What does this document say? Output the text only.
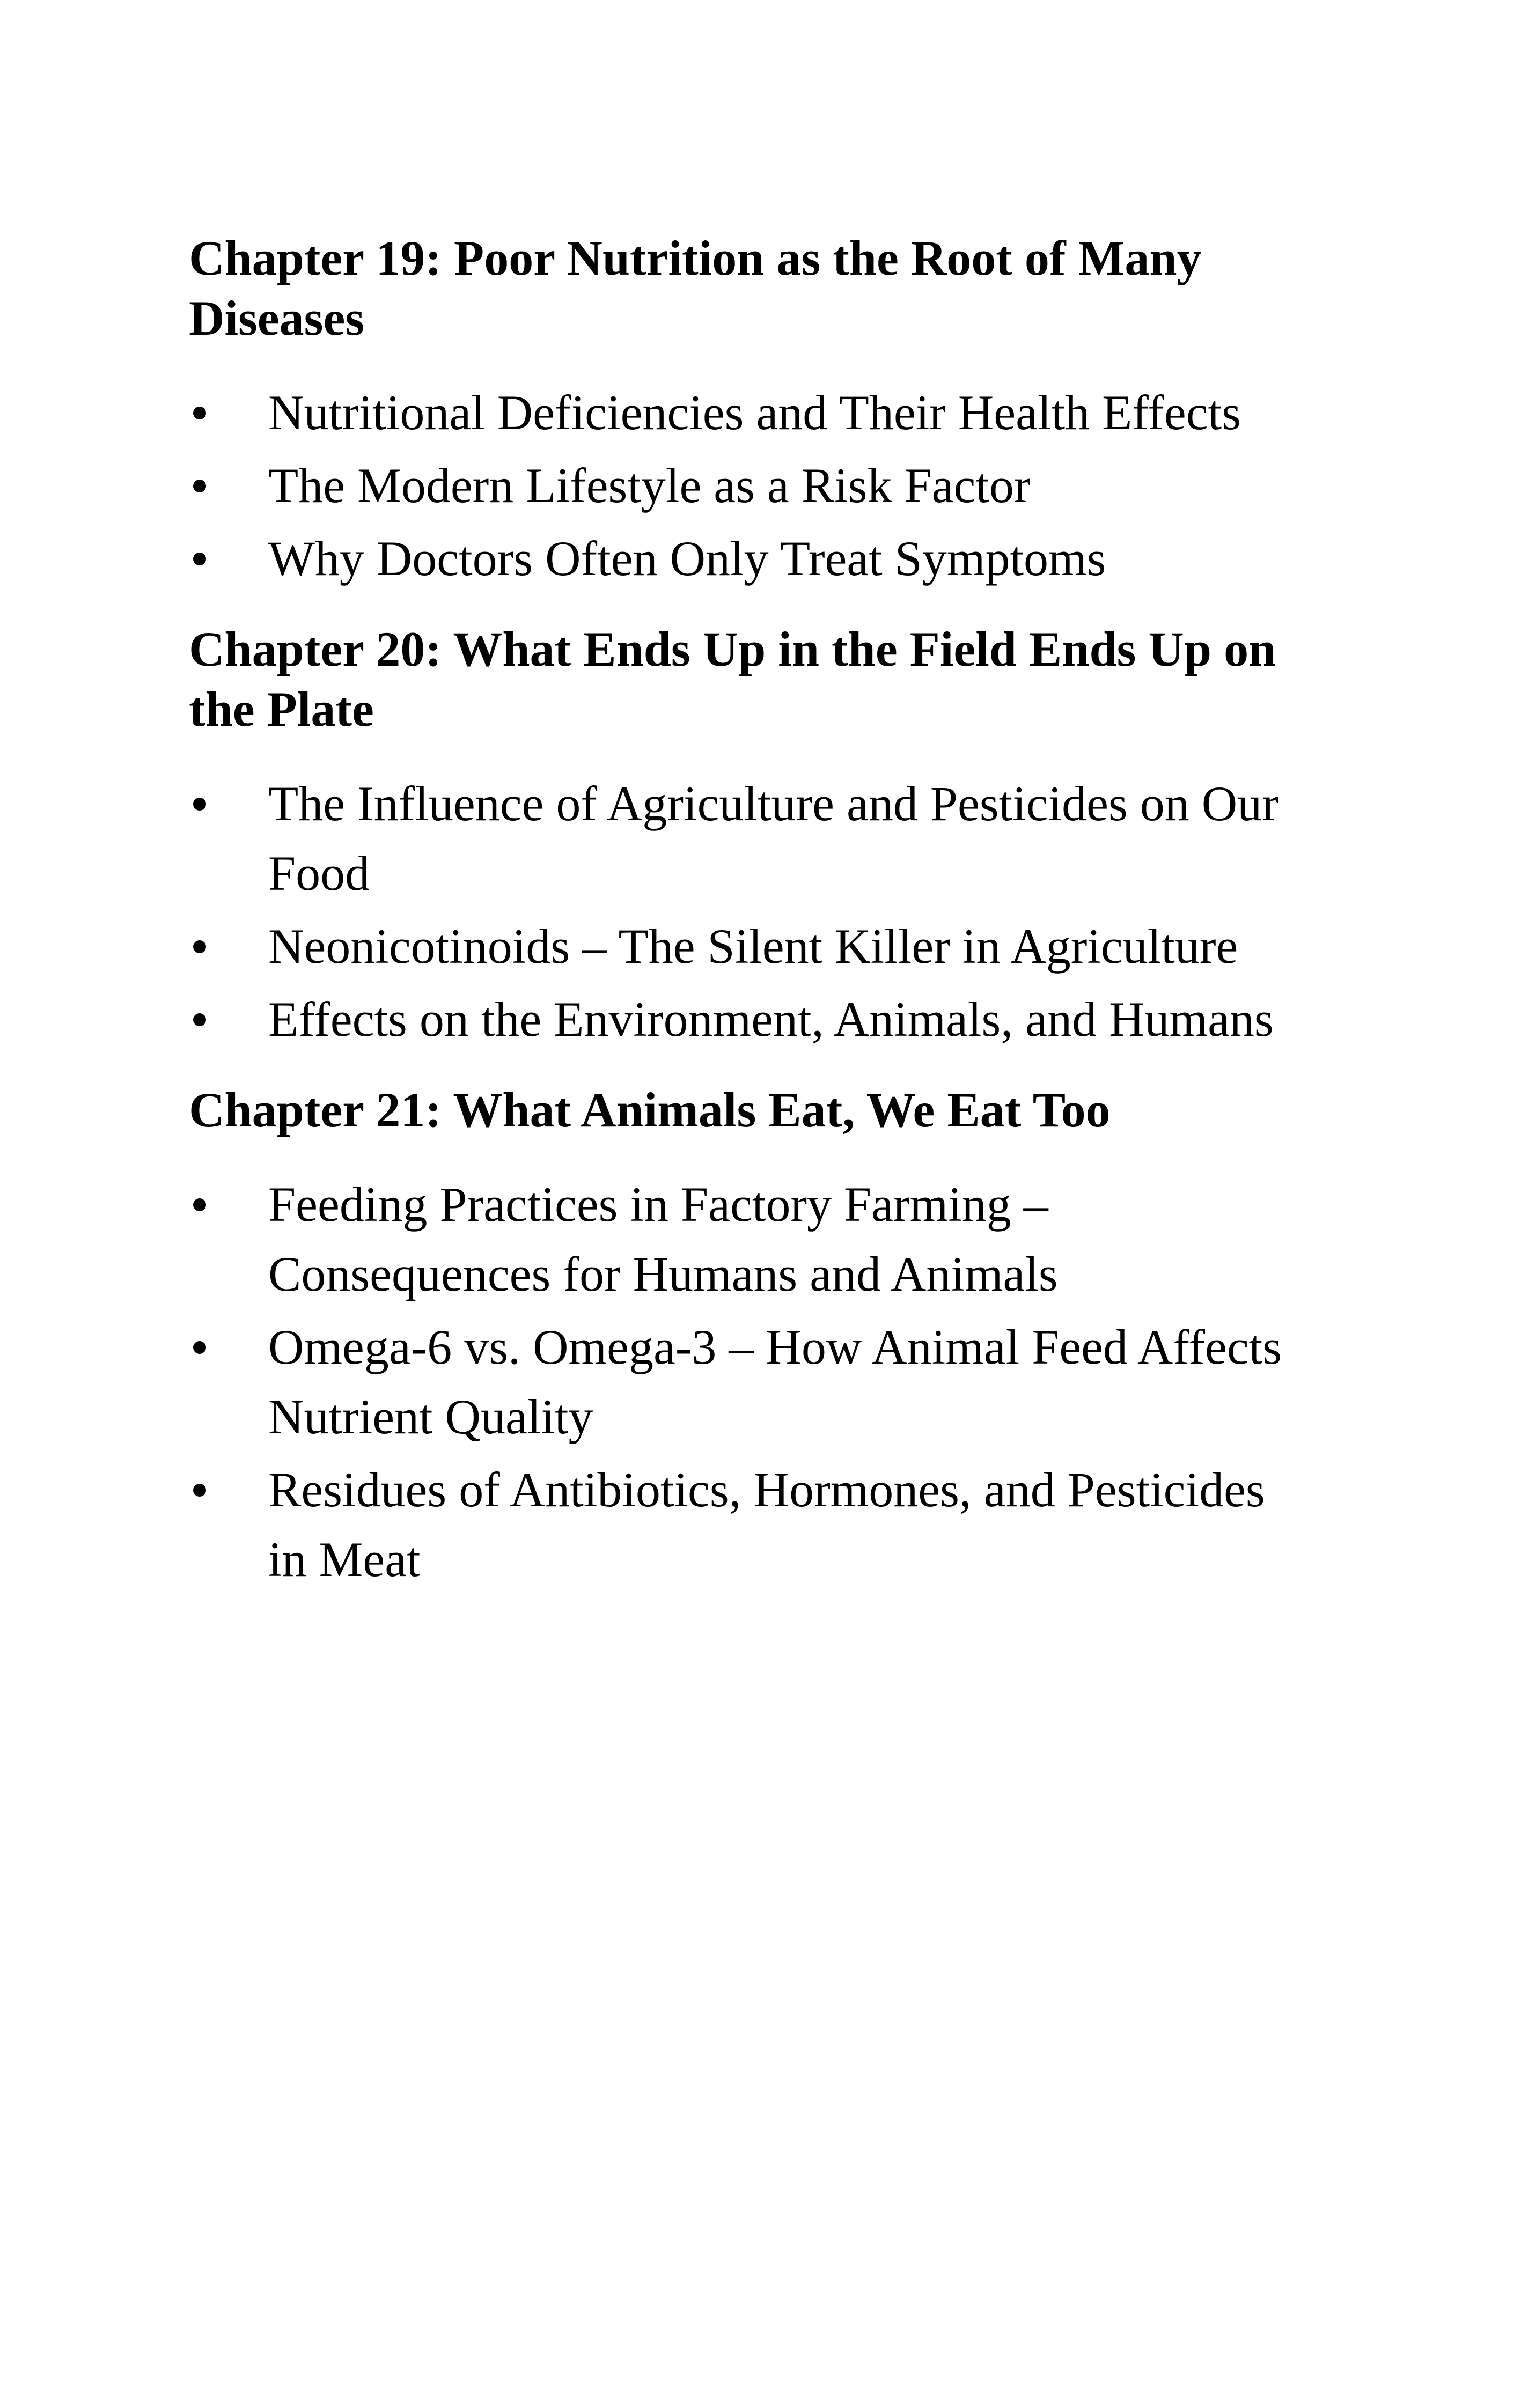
Chapter 19: Poor Nutrition as the Root of Many Diseases
Nutritional Deficiencies and Their Health Effects
The Modern Lifestyle as a Risk Factor
Why Doctors Often Only Treat Symptoms
Chapter 20: What Ends Up in the Field Ends Up on the Plate
The Influence of Agriculture and Pesticides on Our Food
Neonicotinoids – The Silent Killer in Agriculture
Effects on the Environment, Animals, and Humans
Chapter 21: What Animals Eat, We Eat Too
Feeding Practices in Factory Farming – Consequences for Humans and Animals
Omega-6 vs. Omega-3 – How Animal Feed Affects Nutrient Quality
Residues of Antibiotics, Hormones, and Pesticides in Meat
